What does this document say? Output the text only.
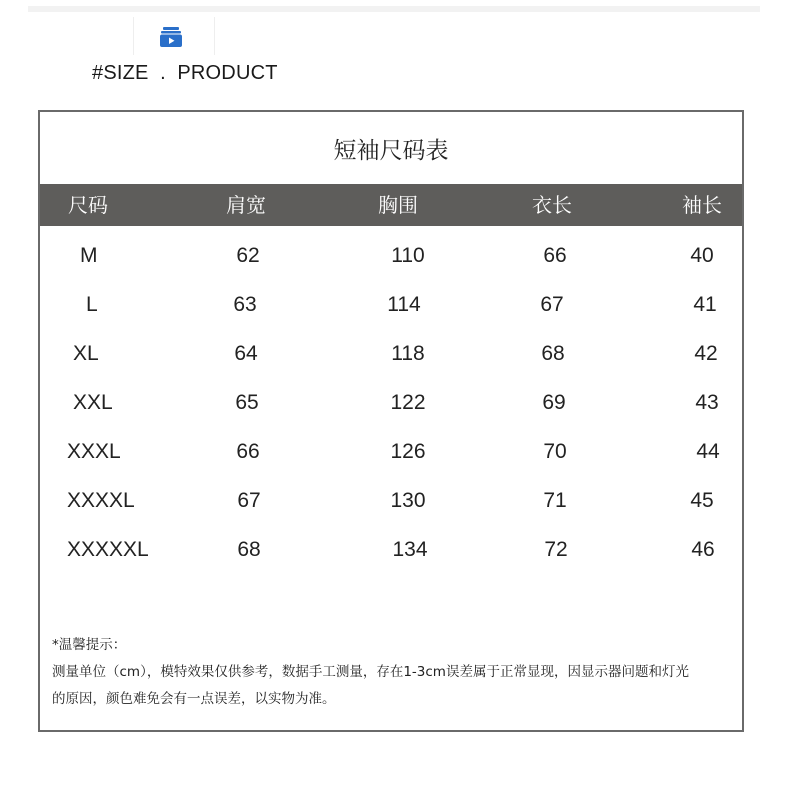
#SIZE  .  PRODUCT
短袖尺码表
尺码	肩宽	胸围	衣长	袖长
M	62	110	66	40
L	63	114	67	41
XL	64	118	68	42
XXL	65	122	69	43
XXXL	66	126	70	44
XXXXL	67	130	71	45
XXXXXL	68	134	72	46
*温馨提示：
测量单位（cm），模特效果仅供参考，数据手工测量，存在1-3cm误差属于正常显现，因显示器问题和灯光
的原因，颜色难免会有一点误差，以实物为准。
